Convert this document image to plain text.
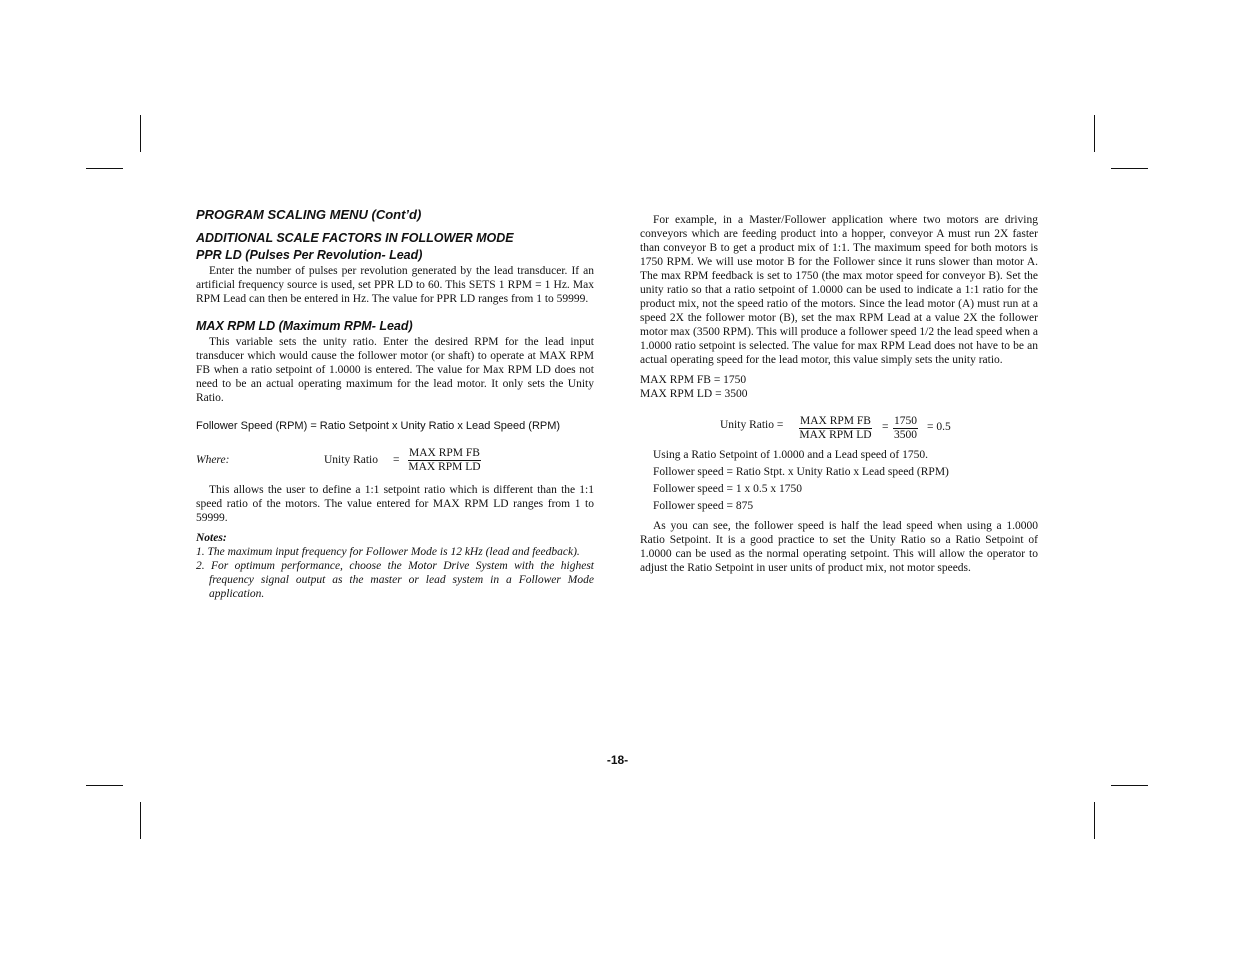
PROGRAM SCALING MENU (Cont’d)
ADDITIONAL SCALE FACTORS IN FOLLOWER MODE
PPR LD (Pulses Per Revolution- Lead)

Enter the number of pulses per revolution generated by the lead transducer. If an artificial frequency source is used, set PPR LD to 60. This SETS 1 RPM = 1 Hz. Max RPM Lead can then be entered in Hz. The value for PPR LD ranges from 1 to 59999.

MAX RPM LD (Maximum RPM- Lead)

This variable sets the unity ratio. Enter the desired RPM for the lead input transducer which would cause the follower motor (or shaft) to operate at MAX RPM FB when a ratio setpoint of 1.0000 is entered. The value for Max RPM LD does not need to be an actual operating maximum for the lead motor. It only sets the Unity Ratio.

Follower Speed (RPM) = Ratio Setpoint x Unity Ratio x Lead Speed (RPM)

Where:	Unity Ratio =
MAX RPM FB
MAX RPM LD

This allows the user to define a 1:1 setpoint ratio which is different than the 1:1 speed ratio of the motors. The value entered for MAX RPM LD ranges from 1 to 59999.

Notes:

1. The maximum input frequency for Follower Mode is 12 kHz (lead and feedback).

2. For optimum performance, choose the Motor Drive System with the highest frequency signal output as the master or lead system in a Follower Mode application.

For example, in a Master/Follower application where two motors are driving conveyors which are feeding product into a hopper, conveyor A must run 2X faster than conveyor B to get a product mix of 1:1. The maximum speed for both motors is 1750 RPM. We will use motor B for the Follower since it runs slower than motor A. The max RPM feedback is set to 1750 (the max motor speed for conveyor B). Set the unity ratio so that a ratio setpoint of 1.0000 can be used to indicate a 1:1 ratio for the product mix, not the speed ratio of the motors. Since the lead motor (A) must run at a speed 2X the follower motor (B), set the max RPM Lead at a value 2X the follower motor max (3500 RPM). This will produce a follower speed 1/2 the lead speed when a 1.0000 ratio setpoint is selected. The value for max RPM Lead does not have to be an actual operating speed for the lead motor, this value simply sets the unity ratio.

MAX RPM FB = 1750

MAX RPM LD = 3500

Unity Ratio = MAX RPM FB
MAX RPM LD
= $\frac{1750}{3500} = 0.5$

Using a Ratio Setpoint of 1.0000 and a Lead speed of 1750.

Follower speed = Ratio Stpt. x Unity Ratio x Lead speed (RPM)

Follower speed = 1 x 0.5 x 1750

Follower speed = 875

As you can see, the follower speed is half the lead speed when using a 1.0000 Ratio Setpoint. It is a good practice to set the Unity Ratio so a Ratio Setpoint of 1.0000 can be used as the normal operating setpoint. This will allow the operator to adjust the Ratio Setpoint in user units of product mix, not motor speeds.

-18-
